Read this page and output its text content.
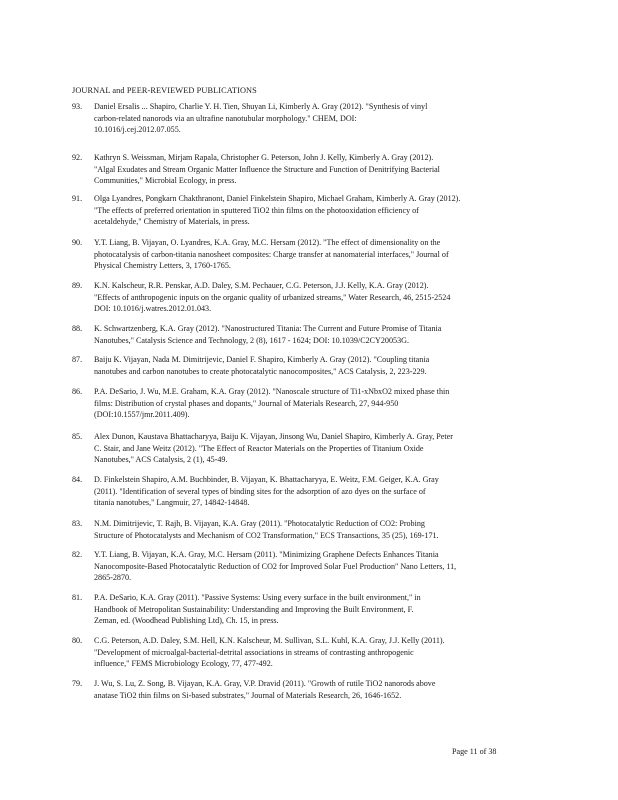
JOURNAL and PEER-REVIEWED PUBLICATIONS
93.	Daniel Ersalis ... Shapiro, Charlie Y. H. Tien, Shuyan Li, Kimberly A. Gray (2012). "Synthesis of vinyl
carbon-related nanorods via an ultrafine nanotubular morphology." CHEM, DOI:
10.1016/j.cej.2012.07.055.
92.	Kathryn S. Weissman, Mirjam Rapala, Christopher G. Peterson, John J. Kelly, Kimberly A. Gray (2012).
"Algal Exudates and Stream Organic Matter Influence the Structure and Function of Denitrifying Bacterial
Communities," Microbial Ecology, in press.
91.	Olga Lyandres, Pongkarn Chakthranont, Daniel Finkelstein Shapiro, Michael Graham, Kimberly A. Gray (2012).
"The effects of preferred orientation in sputtered TiO2 thin films on the photooxidation efficiency of
acetaldehyde," Chemistry of Materials, in press.
90.	Y.T. Liang, B. Vijayan, O. Lyandres, K.A. Gray, M.C. Hersam (2012). "The effect of dimensionality on the
photocatalysis of carbon-titania nanosheet composites: Charge transfer at nanomaterial interfaces," Journal of
Physical Chemistry Letters, 3, 1760-1765.
89.	K.N. Kalscheur, R.R. Penskar, A.D. Daley, S.M. Pechauer, C.G. Peterson, J.J. Kelly, K.A. Gray (2012).
"Effects of anthropogenic inputs on the organic quality of urbanized streams," Water Research, 46, 2515-2524
DOI: 10.1016/j.watres.2012.01.043.
88.	K. Schwartzenberg, K.A. Gray (2012). "Nanostructured Titania: The Current and Future Promise of Titania
Nanotubes," Catalysis Science and Technology, 2 (8), 1617 - 1624; DOI: 10.1039/C2CY20053G.
87.	Baiju K. Vijayan, Nada M. Dimitrijevic, Daniel F. Shapiro, Kimberly A. Gray (2012). "Coupling titania
nanotubes and carbon nanotubes to create photocatalytic nanocomposites," ACS Catalysis, 2, 223-229.
86.	P.A. DeSario, J. Wu, M.E. Graham, K.A. Gray (2012). "Nanoscale structure of Ti1-xNbxO2 mixed phase thin
films: Distribution of crystal phases and dopants," Journal of Materials Research, 27, 944-950
(DOI:10.1557/jmr.2011.409).
85.	Alex Dunon, Kaustava Bhattacharyya, Baiju K. Vijayan, Jinsong Wu, Daniel Shapiro, Kimberly A. Gray, Peter
C. Stair, and Jane Weitz (2012). "The Effect of Reactor Materials on the Properties of Titanium Oxide
Nanotubes," ACS Catalysis, 2 (1), 45-49.
84.	D. Finkelstein Shapiro, A.M. Buchbinder, B. Vijayan, K. Bhattacharyya, E. Weitz, F.M. Geiger, K.A. Gray
(2011). "Identification of several types of binding sites for the adsorption of azo dyes on the surface of
titania nanotubes," Langmuir, 27, 14842-14848.
83.	N.M. Dimitrijevic, T. Rajh, B. Vijayan, K.A. Gray (2011). "Photocatalytic Reduction of CO2: Probing
Structure of Photocatalysts and Mechanism of CO2 Transformation," ECS Transactions, 35 (25), 169-171.
82.	Y.T. Liang, B. Vijayan, K.A. Gray, M.C. Hersam (2011). "Minimizing Graphene Defects Enhances Titania
Nanocomposite-Based Photocatalytic Reduction of CO2 for Improved Solar Fuel Production" Nano Letters, 11,
2865-2870.
81.	P.A. DeSario, K.A. Gray (2011). "Passive Systems: Using every surface in the built environment," in
Handbook of Metropolitan Sustainability: Understanding and Improving the Built Environment, F.
Zeman, ed. (Woodhead Publishing Ltd), Ch. 15, in press.
80.	C.G. Peterson, A.D. Daley, S.M. Hell, K.N. Kalscheur, M. Sullivan, S.L. Kuhl, K.A. Gray, J.J. Kelly (2011).
"Development of microalgal-bacterial-detrital associations in streams of contrasting anthropogenic
influence," FEMS Microbiology Ecology, 77, 477-492.
79.	J. Wu, S. Lu, Z. Song, B. Vijayan, K.A. Gray, V.P. Dravid (2011). "Growth of rutile TiO2 nanorods above
anatase TiO2 thin films on Si-based substrates," Journal of Materials Research, 26, 1646-1652.
Page 11 of 38
